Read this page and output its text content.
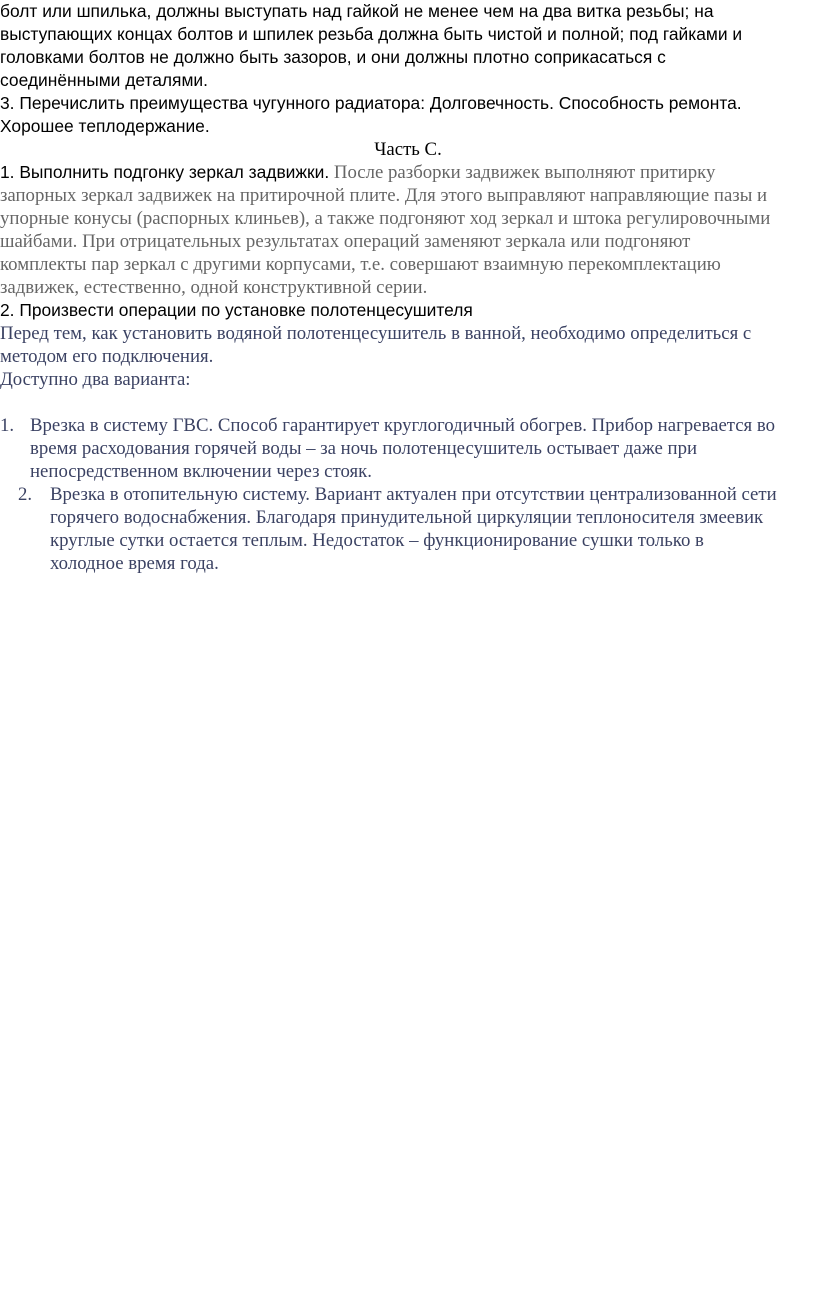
болт или шпилька, должны выступать над гайкой не менее чем на два витка резьбы; на
выступающих концах болтов и шпилек резьба должна быть чистой и полной; под гайками и
головками болтов не должно быть зазоров, и они должны плотно соприкасаться с
соединёнными деталями.
3. Перечислить преимущества чугунного радиатора: Долговечность. Способность ремонта.
Хорошее теплодержание.
Часть С.
1. Выполнить подгонку зеркал задвижки. После разборки задвижек выполняют притирку
запорных зеркал задвижек на притирочной плите. Для этого выправляют направляющие пазы и
упорные конусы (распорных клиньев), а также подгоняют ход зеркал и штока регулировочными
шайбами. При отрицательных результатах операций заменяют зеркала или подгоняют
комплекты пар зеркал с другими корпусами, т.е. совершают взаимную перекомплектацию
задвижек, естественно, одной конструктивной серии.
2. Произвести операции по установке полотенцесушителя
Перед тем, как установить водяной полотенцесушитель в ванной, необходимо определиться с
методом его подключения.
Доступно два варианта:
1. Врезка в систему ГВС. Способ гарантирует круглогодичный обогрев. Прибор нагревается во
время расходования горячей воды – за ночь полотенцесушитель остывает даже при
непосредственном включении через стояк.
2. Врезка в отопительную систему. Вариант актуален при отсутствии централизованной сети
горячего водоснабжения. Благодаря принудительной циркуляции теплоносителя змеевик
круглые сутки остается теплым. Недостаток – функционирование сушки только в
холодное время года.
